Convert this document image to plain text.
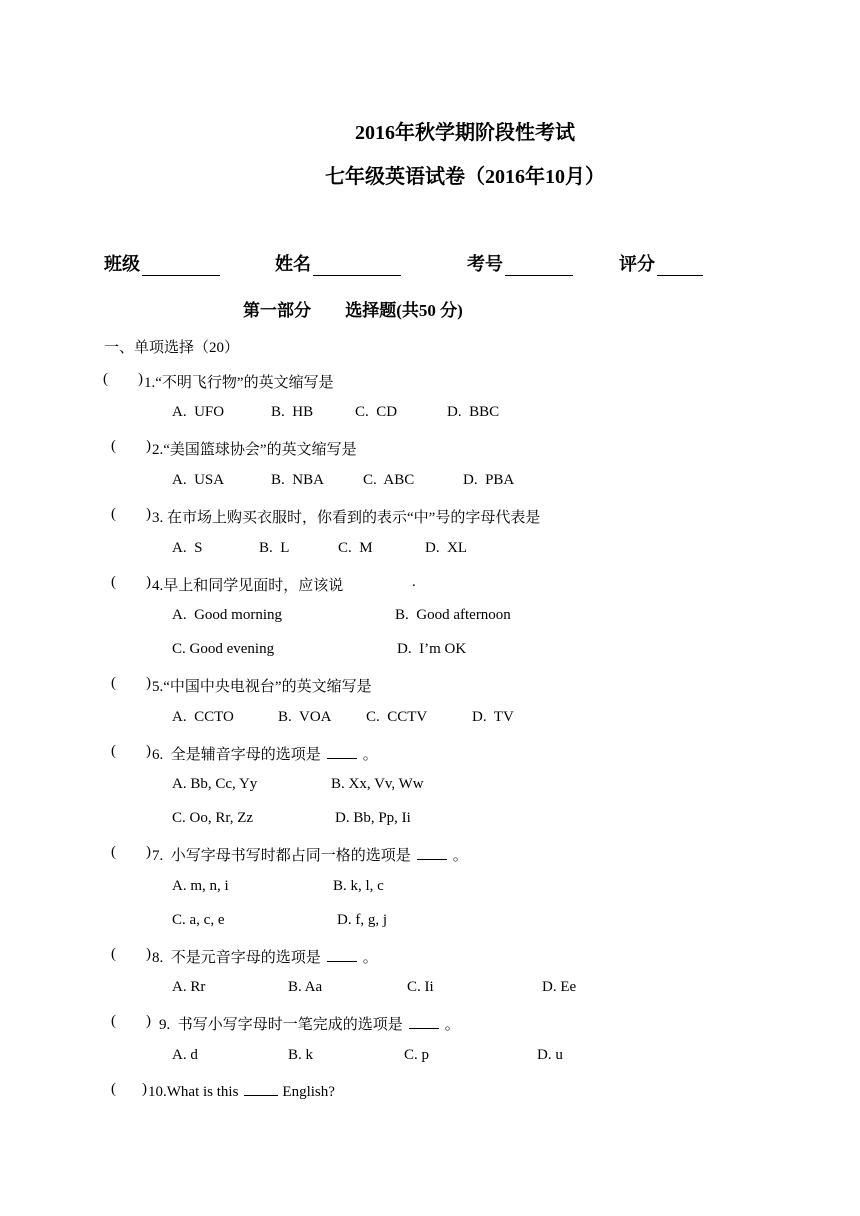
2016年秋学期阶段性考试
七年级英语试卷（2016年10月）
班级	姓名	考号	评分
第一部分 选择题(共50 分)
一、单项选择（20）
( ) 1.“不明飞行物”的英文缩写是
A.  UFO	B.  HB	C.  CD	D.  BBC
( ) 2.“美国篮球协会”的英文缩写是
A.  USA	B.  NBA	C.  ABC	D.  PBA
( ) 3. 在市场上购买衣服时，你看到的表示“中”号的字母代表是
A.  S	B.  L	C.  M	D.  XL
( ) 4.早上和同学见面时，应该说	.
A.  Good morning	B.  Good afternoon
C. Good evening	D.  I’m OK
( ) 5.“中国中央电视台”的英文缩写是
A.  CCTO	B.  VOA C.  CCTV	D.  TV
( ) 6.  全是辅音字母的选项是	。
A. Bb, Cc, Yy	B. Xx, Vv, Ww
C. Oo, Rr, Zz	D. Bb, Pp, Ii
( ) 7.  小写字母书写时都占同一格的选项是	。
A. m, n, i	B. k, l, c
C. a, c, e	D. f, g, j
( ) 8.  不是元音字母的选项是	。
A. Rr	B. Aa	C. Ii	D. Ee
( ) 9.  书写小写字母时一笔完成的选项是	。
A. d	B. k	C. p	D. u
( ) 10.What is this	English?
